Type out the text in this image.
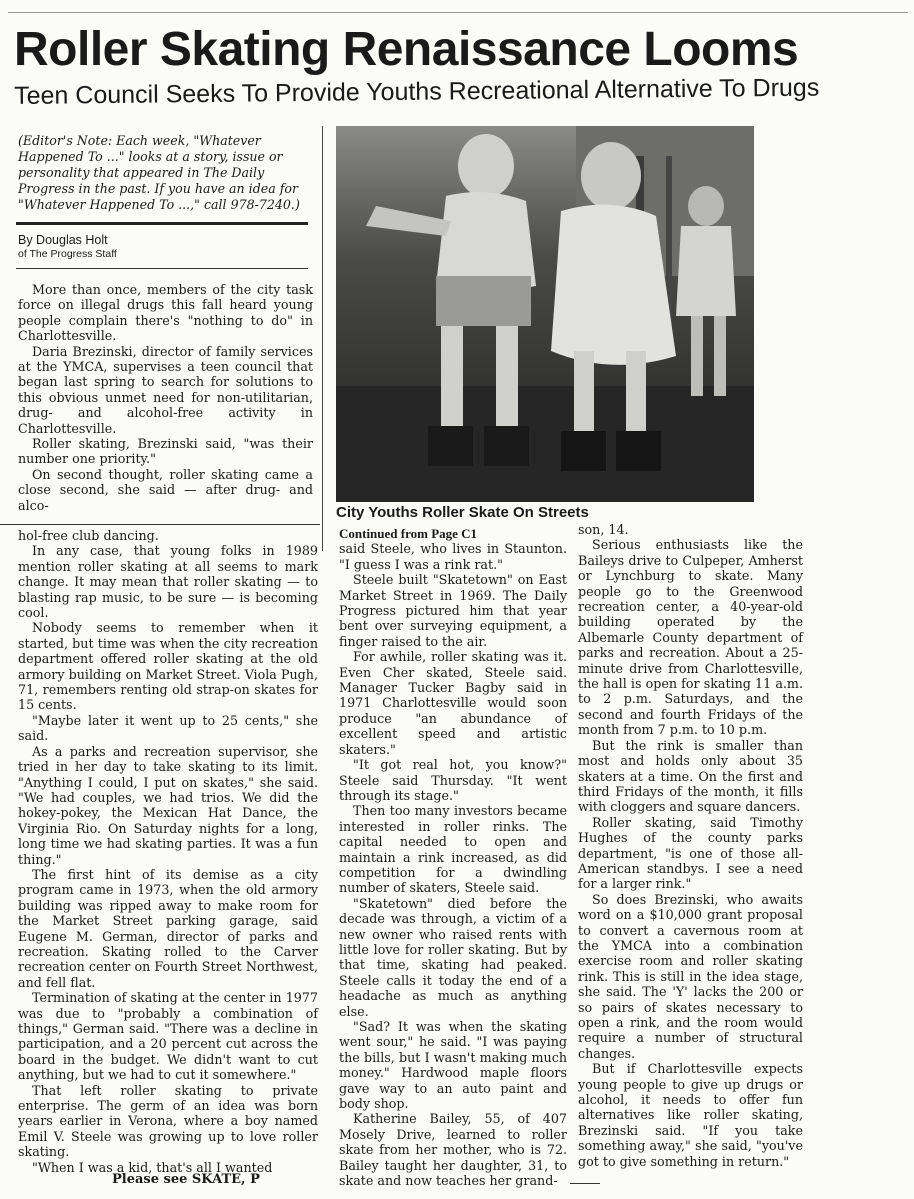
Roller Skating Renaissance Looms
Teen Council Seeks To Provide Youths Recreational Alternative To Drugs
(Editor's Note: Each week, "Whatever Happened To ..." looks at a story, issue or personality that appeared in The Daily Progress in the past. If you have an idea for "Whatever Happened To ...," call 978-7240.)
By Douglas Holt
of The Progress Staff

More than once, members of the city task force on illegal drugs this fall heard young people complain there's "nothing to do" in Charlottesville.

Daria Brezinski, director of family services at the YMCA, supervises a teen council that began last spring to search for solutions to this obvious unmet need for non-utilitarian, drug- and alcohol-free activity in Charlottesville.

Roller skating, Brezinski said, "was their number one priority."

On second thought, roller skating came a close second, she said — after drug- and alco-	City Youths Roller Skate On Streets

hol-free club dancing.

In any case, that young folks in 1989 mention roller skating at all seems to mark change. It may mean that roller skating — to blasting rap music, to be sure — is becoming cool.

Nobody seems to remember when it started, but time was when the city recreation department offered roller skating at the old armory building on Market Street. Viola Pugh, 71, remembers renting old strap-on skates for 15 cents.

"Maybe later it went up to 25 cents," she said.

As a parks and recreation supervisor, she tried in her day to take skating to its limit. "Anything I could, I put on skates," she said. "We had couples, we had trios. We did the hokey-pokey, the Mexican Hat Dance, the Virginia Rio. On Saturday nights for a long, long time we had skating parties. It was a fun thing."

The first hint of its demise as a city program came in 1973, when the old armory building was ripped away to make room for the Market Street parking garage, said Eugene M. German, director of parks and recreation. Skating rolled to the Carver recreation center on Fourth Street Northwest, and fell flat.

Termination of skating at the center in 1977 was due to "probably a combination of things," German said. "There was a decline in participation, and a 20 percent cut across the board in the budget. We didn't want to cut anything, but we had to cut it somewhere."

That left roller skating to private enterprise. The germ of an idea was born years earlier in Verona, where a boy named Emil V. Steele was growing up to love roller skating.

"When I was a kid, that's all I wanted

Please see SKATE, P
Continued from Page C1

said Steele, who lives in Staunton. "I guess I was a rink rat."

Steele built "Skatetown" on East Market Street in 1969. The Daily Progress pictured him that year bent over surveying equipment, a finger raised to the air.

For awhile, roller skating was it. Even Cher skated, Steele said. Manager Tucker Bagby said in 1971 Charlottesville would soon produce "an abundance of excellent speed and artistic skaters."

"It got real hot, you know?" Steele said Thursday. "It went through its stage."

Then too many investors became interested in roller rinks. The capital needed to open and maintain a rink increased, as did competition for a dwindling number of skaters, Steele said.

"Skatetown" died before the decade was through, a victim of a new owner who raised rents with little love for roller skating. But by that time, skating had peaked. Steele calls it today the end of a headache as much as anything else.

"Sad? It was when the skating went sour," he said. "I was paying the bills, but I wasn't making much money." Hardwood maple floors gave way to an auto paint and body shop.

Katherine Bailey, 55, of 407 Mosely Drive, learned to roller skate from her mother, who is 72. Bailey taught her daughter, 31, to skate and now teaches her grand-

son, 14.

Serious enthusiasts like the Baileys drive to Culpeper, Amherst or Lynchburg to skate. Many people go to the Greenwood recreation center, a 40-year-old building operated by the Albemarle County department of parks and recreation. About a 25-minute drive from Charlottesville, the hall is open for skating 11 a.m. to 2 p.m. Saturdays, and the second and fourth Fridays of the month from 7 p.m. to 10 p.m.

But the rink is smaller than most and holds only about 35 skaters at a time. On the first and third Fridays of the month, it fills with cloggers and square dancers.

Roller skating, said Timothy Hughes of the county parks department, "is one of those all-American standbys. I see a need for a larger rink."

So does Brezinski, who awaits word on a $10,000 grant proposal to convert a cavernous room at the YMCA into a combination exercise room and roller skating rink. This is still in the idea stage, she said. The 'Y' lacks the 200 or so pairs of skates necessary to open a rink, and the room would require a number of structural changes.

But if Charlottesville expects young people to give up drugs or alcohol, it needs to offer fun alternatives like roller skating, Brezinski said. "If you take something away," she said, "you've got to give something in return."
